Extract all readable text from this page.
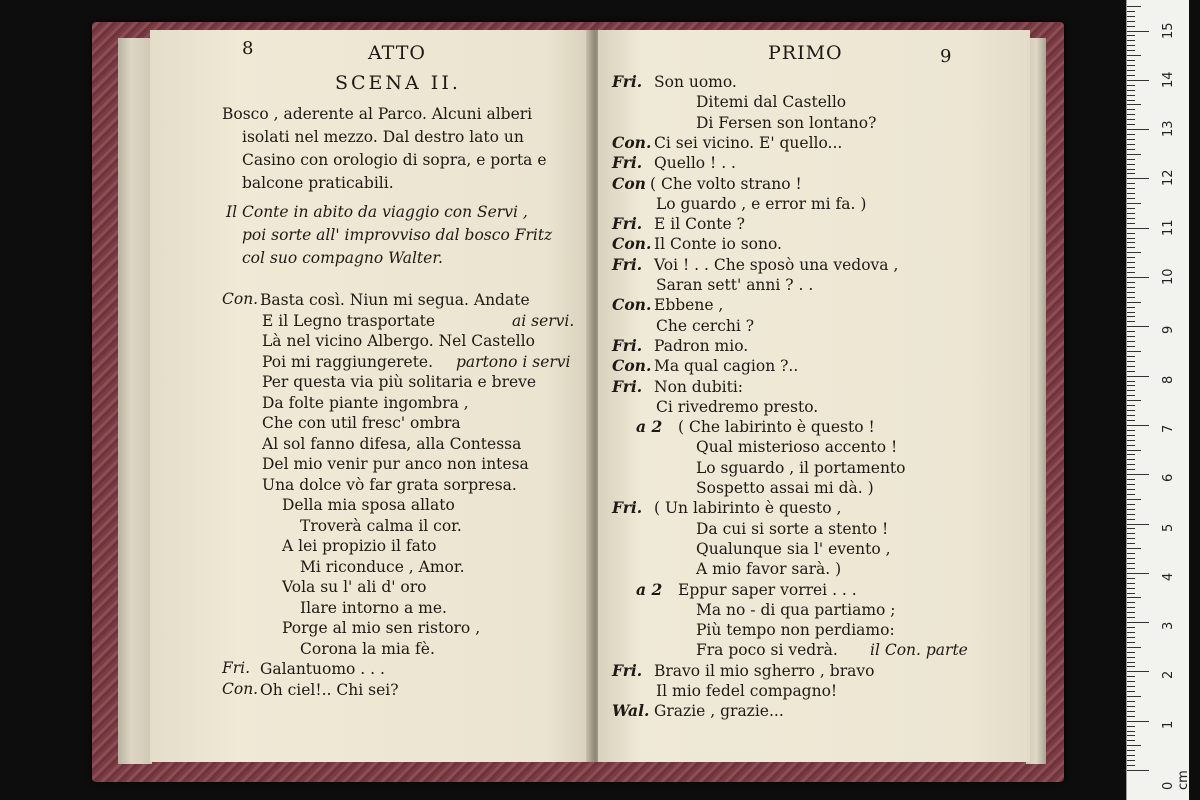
8	ATTO
SCENA II.
Bosco , aderente al Parco. Alcuni alberi
isolati nel mezzo. Dal destro lato un
Casino con orologio di sopra, e porta e
balcone praticabili.
Il Conte in abito da viaggio con Servi ,
poi sorte all' improvviso dal bosco Fritz
col suo compagno Walter.
Con. Basta così. Niun mi segua. Andate
E il Legno trasportate	ai servi.
Là nel vicino Albergo. Nel Castello
Poi mi raggiungerete. partono i servi
Per questa via più solitaria e breve
Da folte piante ingombra ,
Che con util fresc' ombra
Al sol fanno difesa, alla Contessa
Del mio venir pur anco non intesa
Una dolce vò far grata sorpresa.
Della mia sposa allato
Troverà calma il cor.
A lei propizio il fato
Mi riconduce , Amor.
Vola su l' ali d' oro
Ilare intorno a me.
Porge al mio sen ristoro ,
Corona la mia fè.
Fri. Galantuomo . . .
Con. Oh ciel!.. Chi sei?
PRIMO	9
Fri. Son uomo.
Ditemi dal Castello
Di Fersen son lontano?
Con. Ci sei vicino. E' quello...
Fri. Quello ! . .
Con ( Che volto strano !
Lo guardo , e error mi fa. )
Fri. E il Conte ?
Con. Il Conte io sono.
Fri. Voi ! . . Che sposò una vedova ,
Saran sett' anni ? . .
Con. Ebbene ,
Che cerchi ?
Fri. Padron mio.
Con. Ma qual cagion ?..
Fri. Non dubiti:
Ci rivedremo presto.
a 2 ( Che labirinto è questo !
Qual misterioso accento !
Lo sguardo , il portamento
Sospetto assai mi dà. )
Fri. ( Un labirinto è questo ,
Da cui si sorte a stento !
Qualunque sia l' evento ,
A mio favor sarà. )
a 2 Eppur saper vorrei . . .
Ma no - di qua partiamo ;
Più tempo non perdiamo:
Fra poco si vedrà. il Con. parte
Fri. Bravo il mio sgherro , bravo
Il mio fedel compagno!
Wal. Grazie , grazie...
0 cm
1
2
3
4
5
6
7
8
9
10
11
12
13
14
15
